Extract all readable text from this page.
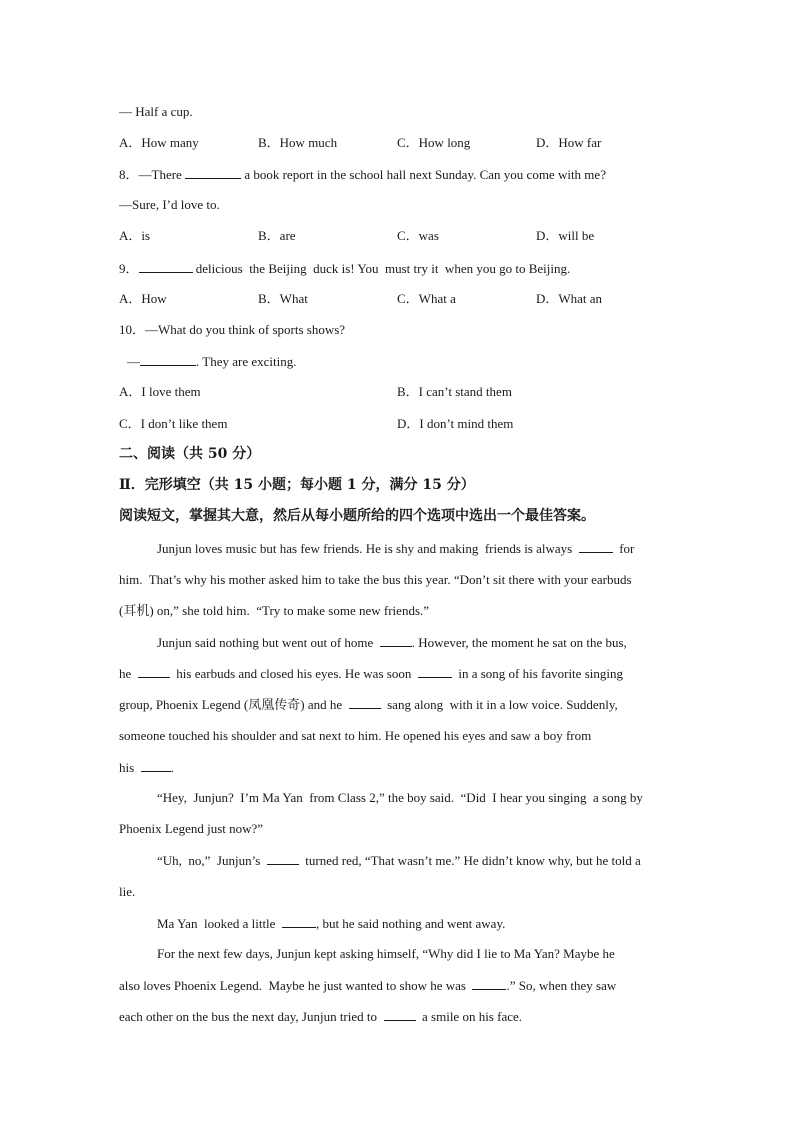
— Half a cup.
A．How many	B．How much	C．How long	D．How far
8．—There	a book report in the school hall next Sunday. Can you come with me?
—Sure, I’d love to.
A．is	B．are	C．was	D．will be
9．	delicious  the Beijing  duck is! You  must try it  when you go to Beijing.
A．How	B．What	C．What a	D．What an
10．—What do you think of sports shows?
—	. They are exciting.
A．I love them	B．I can’t stand them
C．I don’t like them	D．I don’t mind them
二、阅读（共 50 分）
Ⅱ．完形填空（共 15 小题；每小题 1 分，满分 15 分）
阅读短文，掌握其大意，然后从每小题所给的四个选项中选出一个最佳答案。
Junjun loves music but has few friends. He is shy and making  friends is always	for
him.  That’s why his mother asked him to take the bus this year. “Don’t sit there with your earbuds
(耳机) on,” she told him.  “Try to make some new friends.”
Junjun said nothing but went out of home	. However, the moment he sat on the bus,
he	his earbuds and closed his eyes. He was soon	in a song of his favorite singing
group, Phoenix Legend (凤凰传奇) and he	sang along  with it in a low voice. Suddenly,
someone touched his shoulder and sat next to him. He opened his eyes and saw a boy from
his	.
“Hey,  Junjun?  I’m Ma Yan  from Class 2,” the boy said.  “Did  I hear you singing  a song by
Phoenix Legend just now?”
“Uh,  no,”  Junjun’s	turned red, “That wasn’t me.” He didn’t know why, but he told a
lie.
Ma Yan  looked a little	, but he said nothing and went away.
For the next few days, Junjun kept asking himself, “Why did I lie to Ma Yan? Maybe he
also loves Phoenix Legend.  Maybe he just wanted to show he was	.” So, when they saw
each other on the bus the next day, Junjun tried to	a smile on his face.
